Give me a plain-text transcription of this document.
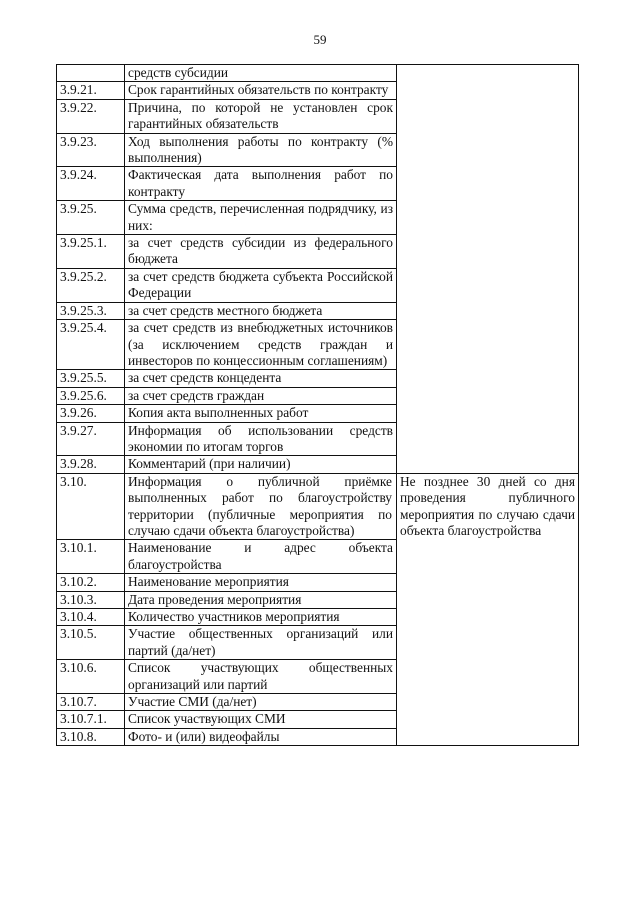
59
	средств субсидии	
3.9.21.	Срок гарантийных обязательств по контракту	
3.9.22.	Причина, по которой не установлен срок гарантийных обязательств	
3.9.23.	Ход выполнения работы по контракту (% выполнения)	
3.9.24.	Фактическая дата выполнения работ по контракту	
3.9.25.	Сумма средств, перечисленная подрядчику, из них:	
3.9.25.1.	за счет средств субсидии из федерального бюджета	
3.9.25.2.	за счет средств бюджета субъекта Российской Федерации	
3.9.25.3.	за счет средств местного бюджета	
3.9.25.4.	за счет средств из внебюджетных источников (за исключением средств граждан и инвесторов по концессионным соглашениям)	
3.9.25.5.	за счет средств концедента	
3.9.25.6.	за счет средств граждан	
3.9.26.	Копия акта выполненных работ	
3.9.27.	Информация об использовании средств экономии по итогам торгов	
3.9.28.	Комментарий (при наличии)	
3.10.	Информация о публичной приёмке выполненных работ по благоустройству территории (публичные мероприятия по случаю сдачи объекта благоустройства)	Не позднее 30 дней со дня проведения публичного мероприятия по случаю сдачи объекта благоустройства
3.10.1.	Наименование и адрес объекта благоустройства	
3.10.2.	Наименование мероприятия	
3.10.3.	Дата проведения мероприятия	
3.10.4.	Количество участников мероприятия	
3.10.5.	Участие общественных организаций или партий (да/нет)	
3.10.6.	Список участвующих общественных организаций или партий	
3.10.7.	Участие СМИ (да/нет)	
3.10.7.1.	Список участвующих СМИ	
3.10.8.	Фото- и (или) видеофайлы	
